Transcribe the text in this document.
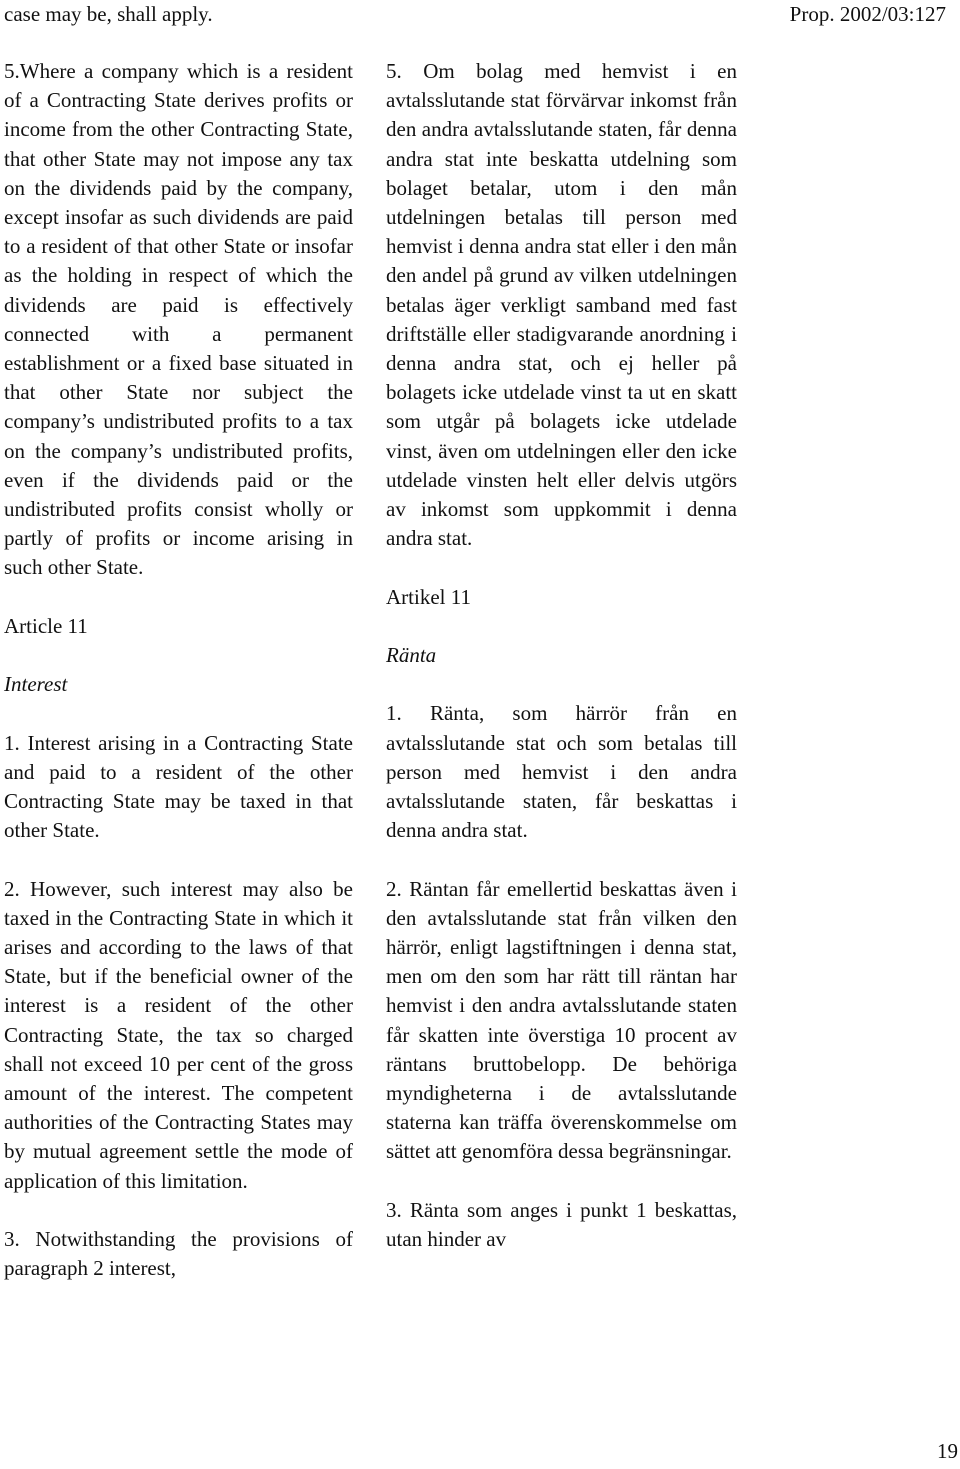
case may be, shall apply.	Prop. 2002/03:127

5.Where a company which is a resident of a Contracting State derives profits or income from the other Contracting State, that other State may not impose any tax on the dividends paid by the company, except insofar as such dividends are paid to a resident of that other State or insofar as the holding in respect of which the dividends are paid is effectively connected with a permanent establishment or a fixed base situated in that other State nor subject the company’s undistributed profits to a tax on the company’s undistributed profits, even if the dividends paid or the undistributed profits consist wholly or partly of profits or income arising in such other State.

Article 11
Interest

1. Interest arising in a Contracting State and paid to a resident of the other Contracting State may be taxed in that other State.

2. However, such interest may also be taxed in the Contracting State in which it arises and according to the laws of that State, but if the beneficial owner of the interest is a resident of the other Contracting State, the tax so charged shall not exceed 10 per cent of the gross amount of the interest. The competent authorities of the Contracting States may by mutual agreement settle the mode of application of this limitation.

3. Notwithstanding the provisions of paragraph 2 interest,

5. Om bolag med hemvist i en avtalsslutande stat förvärvar inkomst från den andra avtalsslutande staten, får denna andra stat inte beskatta utdelning som bolaget betalar, utom i den mån utdelningen betalas till person med hemvist i denna andra stat eller i den mån den andel på grund av vilken utdelningen betalas äger verkligt samband med fast driftställe eller stadigvarande anordning i denna andra stat, och ej heller på bolagets icke utdelade vinst ta ut en skatt som utgår på bolagets icke utdelade vinst, även om utdelningen eller den icke utdelade vinsten helt eller delvis utgörs av inkomst som uppkommit i denna andra stat.

Artikel 11
Ränta

1. Ränta, som härrör från en avtalsslutande stat och som betalas till person med hemvist i den andra avtalsslutande staten, får beskattas i denna andra stat.

2. Räntan får emellertid beskattas även i den avtalsslutande stat från vilken den härrör, enligt lagstiftningen i denna stat, men om den som har rätt till räntan har hemvist i den andra avtalsslutande staten får skatten inte överstiga 10 procent av räntans bruttobelopp. De behöriga myndigheterna i de avtalsslutande staterna kan träffa överenskommelse om sättet att genomföra dessa begränsningar.

3. Ränta som anges i punkt 1 beskattas, utan hinder av

19
